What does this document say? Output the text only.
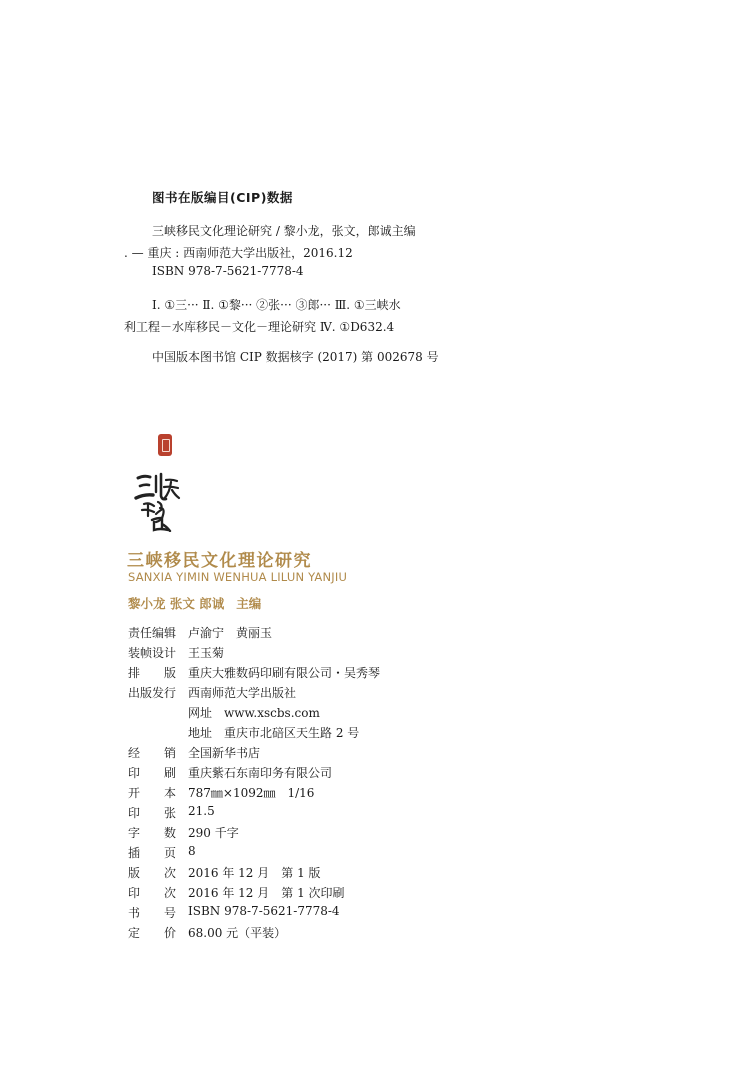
图书在版编目(CIP)数据
三峡移民文化理论研究 / 黎小龙，张文，郎诚主编
. — 重庆 : 西南师范大学出版社，2016.12
ISBN 978-7-5621-7778-4
Ⅰ. ①三··· Ⅱ. ①黎··· ②张··· ③郎··· Ⅲ. ①三峡水
利工程－水库移民－文化－理论研究 Ⅳ. ①D632.4
中国版本图书馆 CIP 数据核字 (2017) 第 002678 号
三峡移民文化理论研究
SANXIA YIMIN WENHUA LILUN YANJIU
黎小龙 张文 郎诚 主编
责任编辑 卢渝宁　黄丽玉
装帧设计 王玉菊
排　　版 重庆大雅数码印刷有限公司・吴秀琴
出版发行 西南师范大学出版社
网址　www.xscbs.com
地址　重庆市北碚区天生路 2 号
经　　销 全国新华书店
印　　刷 重庆紫石东南印务有限公司
开　　本 787㎜×1092㎜　1/16
印　　张 21.5
字　　数 290 千字
插　　页 8
版　　次 2016 年 12 月　第 1 版
印　　次 2016 年 12 月　第 1 次印刷
书　　号 ISBN 978-7-5621-7778-4
定　　价 68.00 元（平装）
